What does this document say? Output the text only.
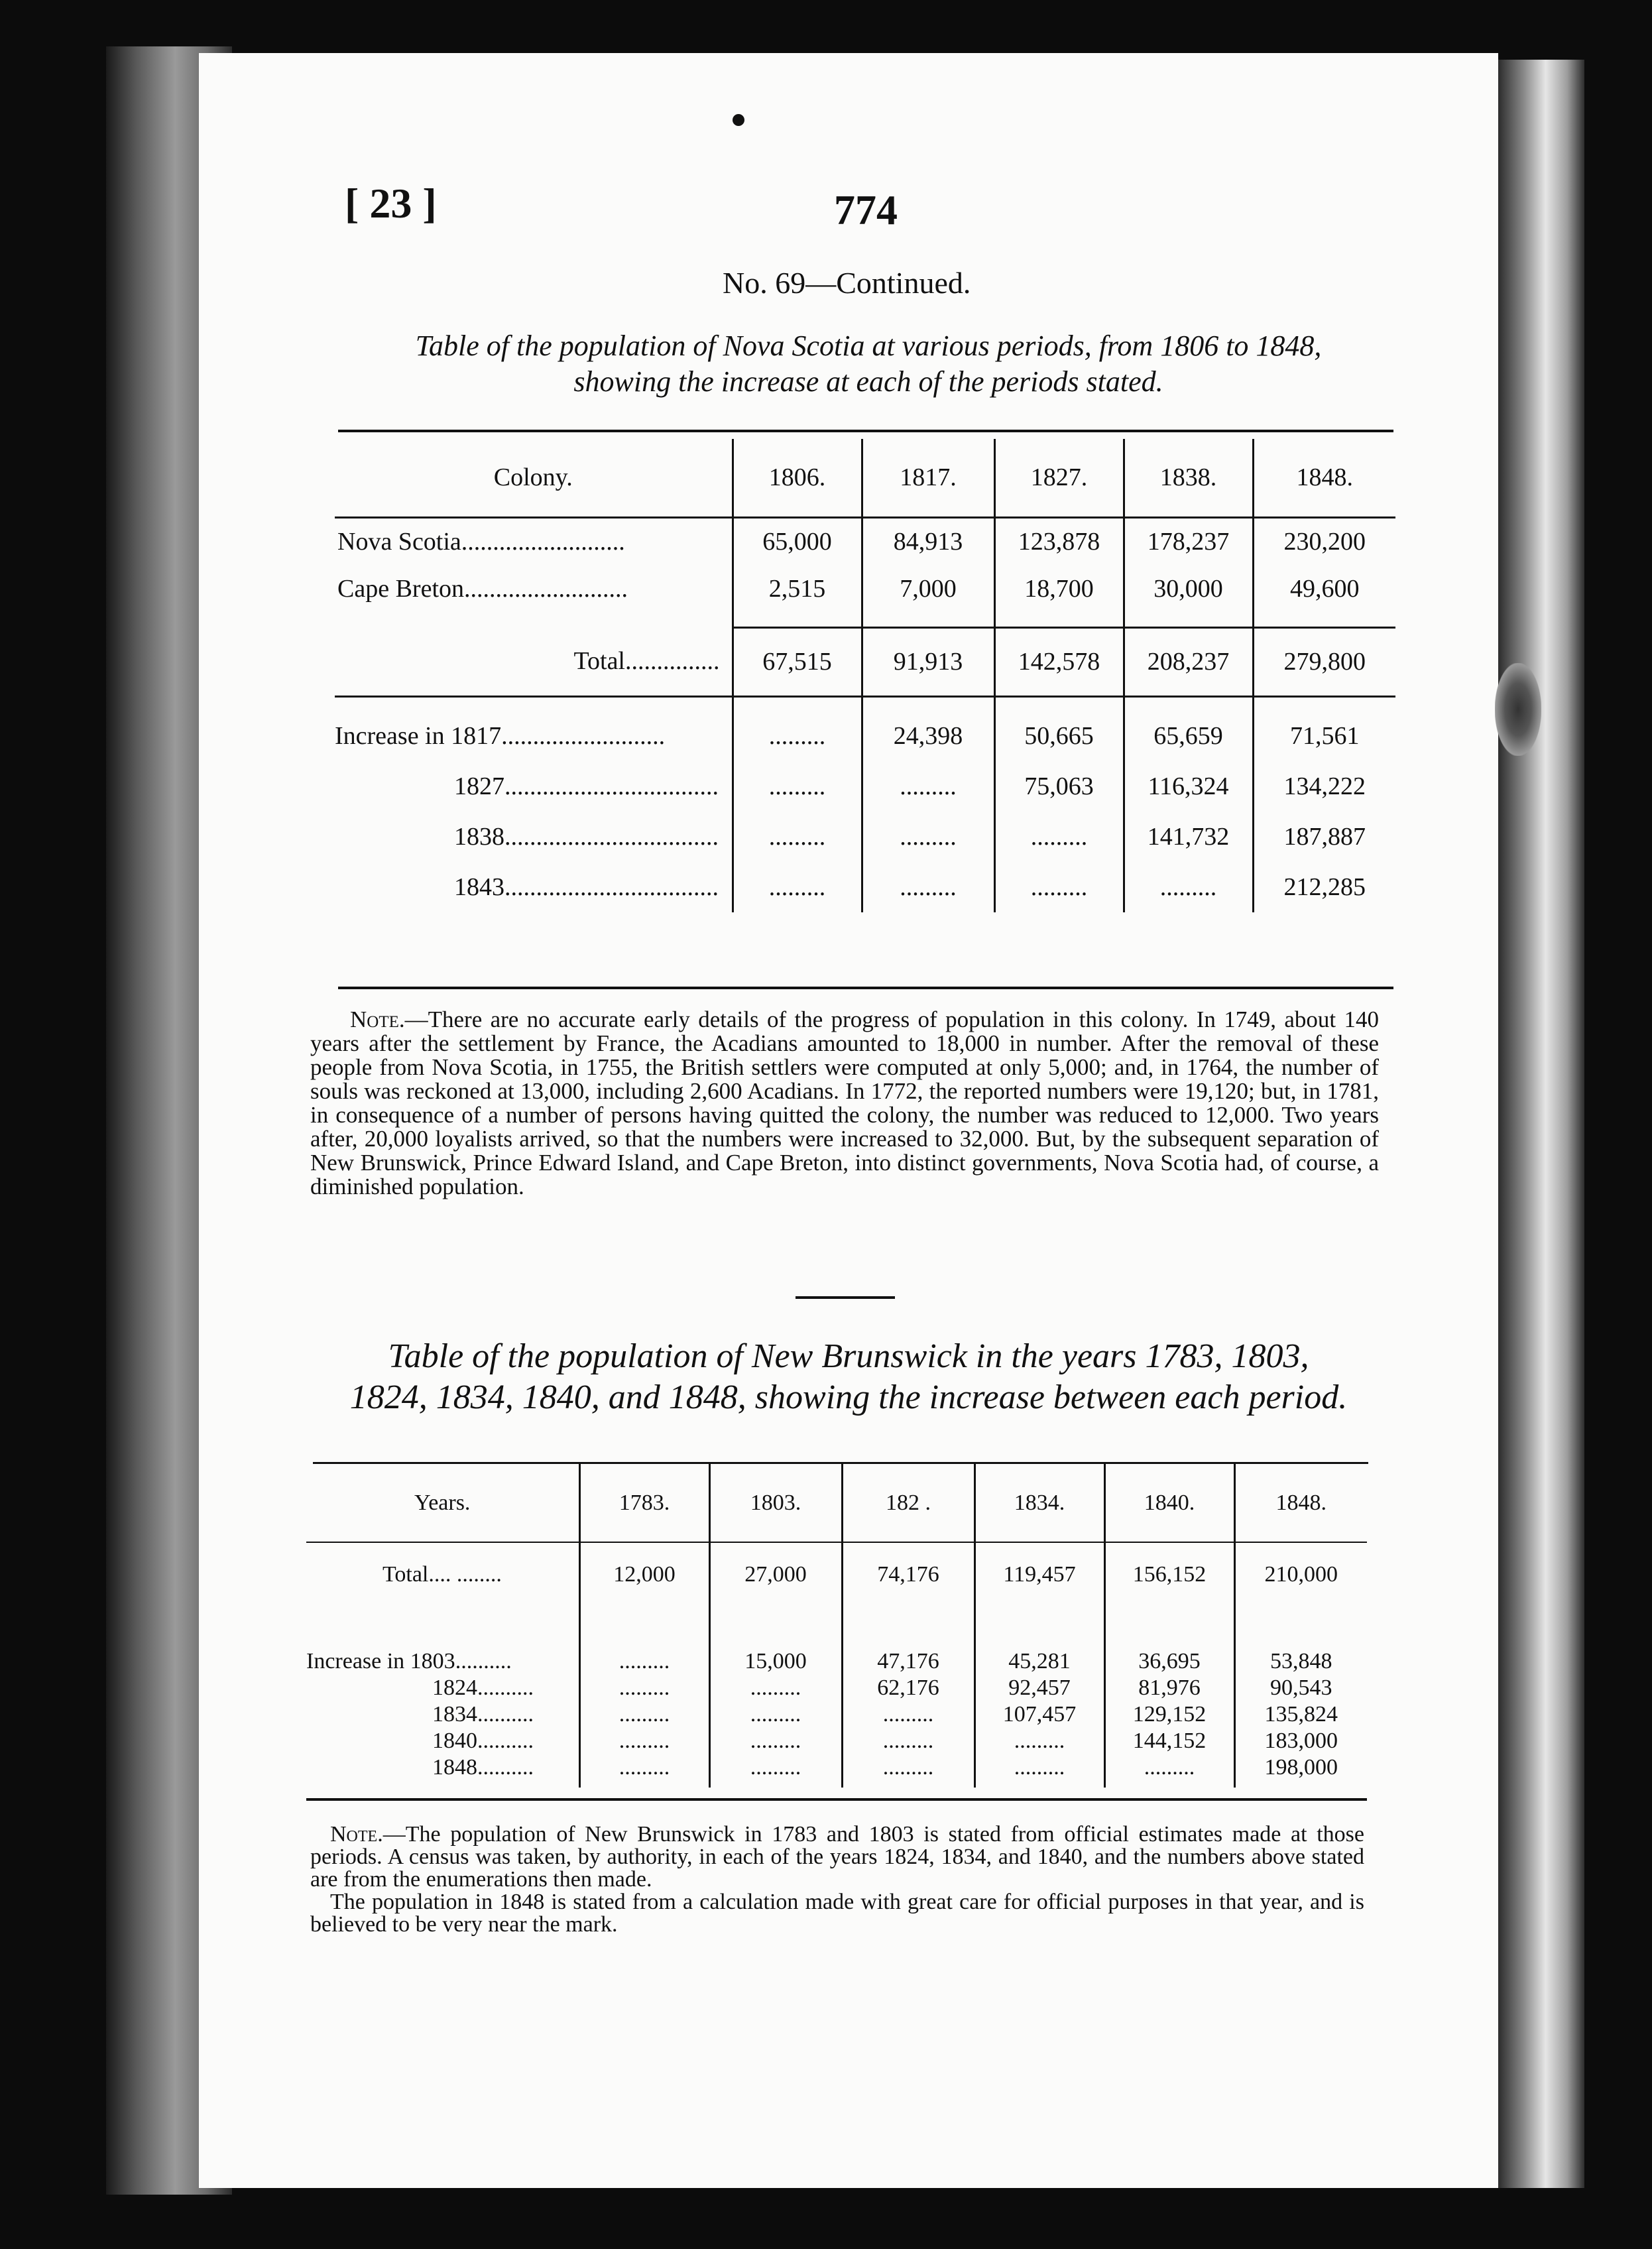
[ 23 ]	774
No. 69—Continued.
Table of the population of Nova Scotia at various periods, from 1806 to 1848,
showing the increase at each of the periods stated.
Colony.	1806.	1817.	1827.	1838.	1848.
Nova Scotia..........................	65,000	84,913	123,878	178,237	230,200
Cape Breton..........................	2,515	7,000	18,700	30,000	49,600

Total...............	67,515	91,913	142,578	208,237	279,800

Increase in 1817..........................	.........	24,398	50,665	65,659	71,561
1827..................................	.........	.........	75,063	116,324	134,222
1838..................................	.........	.........	.........	141,732	187,887
1843..................................	.........	.........	.........	.........	212,285
Note.—There are no accurate early details of the progress of population in this colony. In 1749, about 140 years after the settlement by France, the Acadians amounted to 18,000 in number. After the removal of these people from Nova Scotia, in 1755, the British settlers were computed at only 5,000; and, in 1764, the number of souls was reckoned at 13,000, including 2,600 Acadians. In 1772, the reported numbers were 19,120; but, in 1781, in consequence of a number of persons having quitted the colony, the number was reduced to 12,000. Two years after, 20,000 loyalists arrived, so that the numbers were increased to 32,000. But, by the subsequent separation of New Brunswick, Prince Edward Island, and Cape Breton, into distinct governments, Nova Scotia had, of course, a diminished population.
Table of the population of New Brunswick in the years 1783, 1803,
1824, 1834, 1840, and 1848, showing the increase between each period.
Years.	1783.	1803.	182 .	1834.	1840.	1848.

Total.... ........	12,000	27,000	74,176	119,457	156,152	210,000

Increase in 1803..........	.........	15,000	47,176	45,281	36,695	53,848
1824..........	.........	.........	62,176	92,457	81,976	90,543
1834..........	.........	.........	.........	107,457	129,152	135,824
1840..........	.........	.........	.........	.........	144,152	183,000
1848..........	.........	.........	.........	.........	.........	198,000

Note.—The population of New Brunswick in 1783 and 1803 is stated from official estimates made at those periods. A census was taken, by authority, in each of the years 1824, 1834, and 1840, and the numbers above stated are from the enumerations then made.
The population in 1848 is stated from a calculation made with great care for official purposes in that year, and is believed to be very near the mark.
